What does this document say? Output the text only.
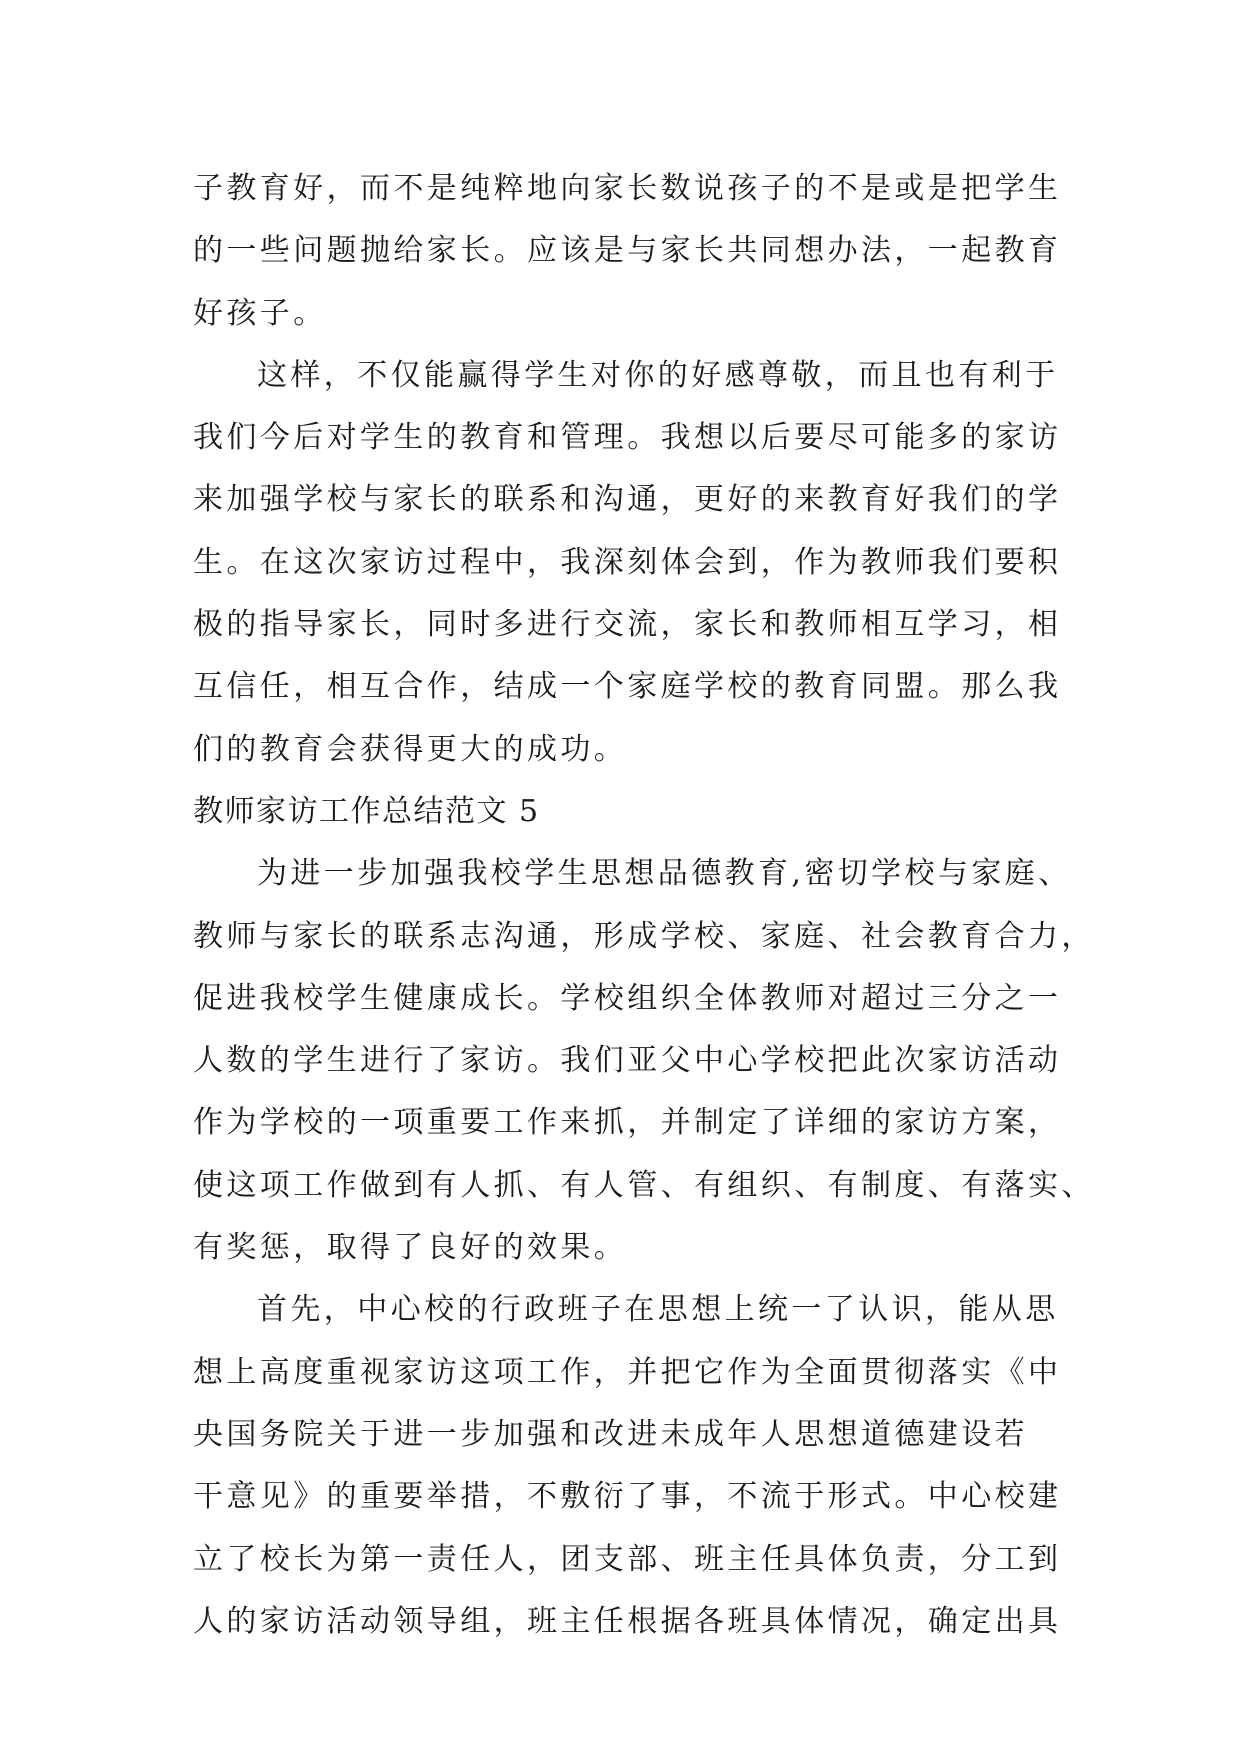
子教育好，而不是纯粹地向家长数说孩子的不是或是把学生
的一些问题抛给家长。应该是与家长共同想办法，一起教育
好孩子。
这样，不仅能赢得学生对你的好感尊敬，而且也有利于
我们今后对学生的教育和管理。我想以后要尽可能多的家访
来加强学校与家长的联系和沟通，更好的来教育好我们的学
生。在这次家访过程中，我深刻体会到，作为教师我们要积
极的指导家长，同时多进行交流，家长和教师相互学习，相
互信任，相互合作，结成一个家庭学校的教育同盟。那么我
们的教育会获得更大的成功。
教师家访工作总结范文 5
为进一步加强我校学生思想品德教育,密切学校与家庭、
教师与家长的联系志沟通，形成学校、家庭、社会教育合力，
促进我校学生健康成长。学校组织全体教师对超过三分之一
人数的学生进行了家访。我们亚父中心学校把此次家访活动
作为学校的一项重要工作来抓，并制定了详细的家访方案，
使这项工作做到有人抓、有人管、有组织、有制度、有落实、
有奖惩，取得了良好的效果。
首先，中心校的行政班子在思想上统一了认识，能从思
想上高度重视家访这项工作，并把它作为全面贯彻落实《中
央国务院关于进一步加强和改进未成年人思想道德建设若
干意见》的重要举措，不敷衍了事，不流于形式。中心校建
立了校长为第一责任人，团支部、班主任具体负责，分工到
人的家访活动领导组，班主任根据各班具体情况，确定出具
